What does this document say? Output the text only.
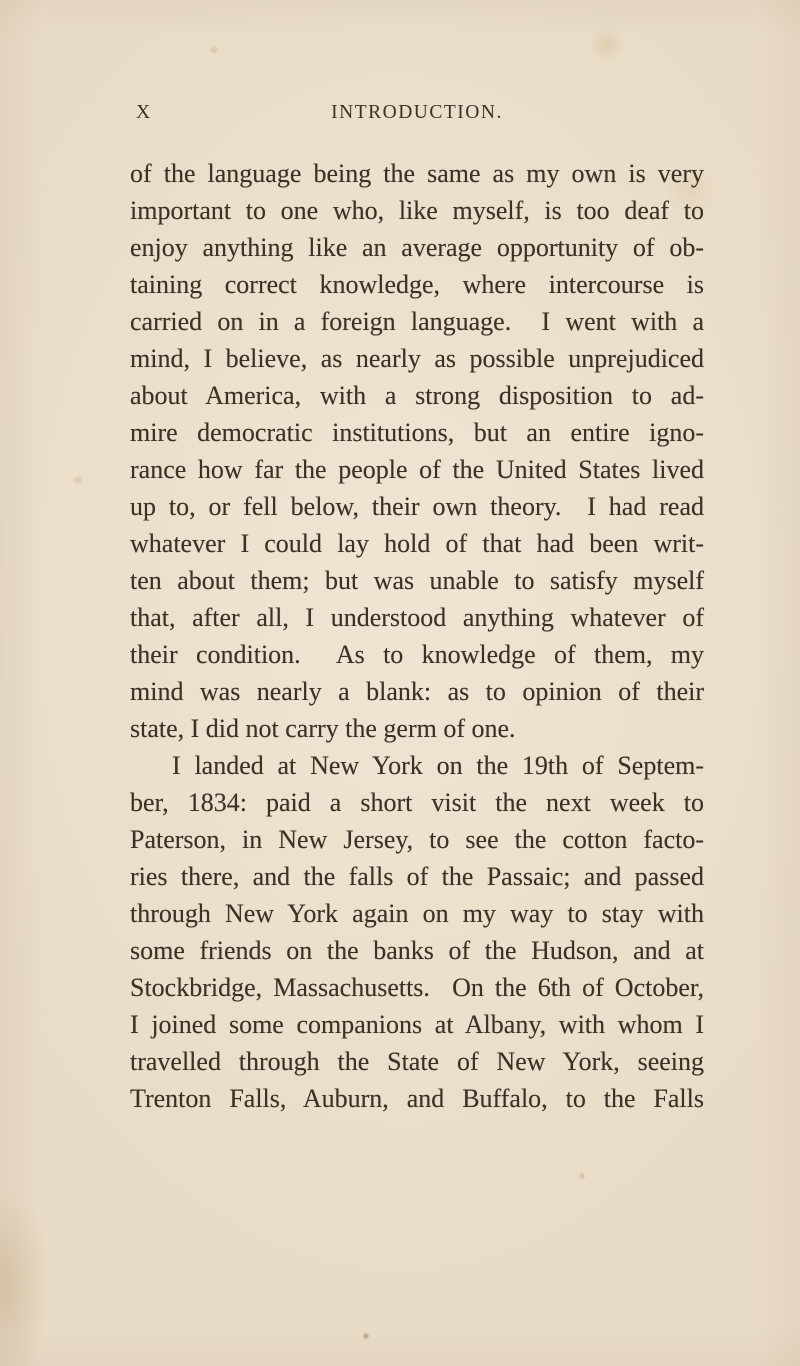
X	INTRODUCTION.
of the language being the same as my own is very
important to one who, like myself, is too deaf to
enjoy anything like an average opportunity of ob-
taining correct knowledge, where intercourse is
carried on in a foreign language.  I went with a
mind, I believe, as nearly as possible unprejudiced
about America, with a strong disposition to ad-
mire democratic institutions, but an entire igno-
rance how far the people of the United States lived
up to, or fell below, their own theory.  I had read
whatever I could lay hold of that had been writ-
ten about them; but was unable to satisfy myself
that, after all, I understood anything whatever of
their condition.  As to knowledge of them, my
mind was nearly a blank: as to opinion of their
state, I did not carry the germ of one.
I landed at New York on the 19th of Septem-
ber, 1834: paid a short visit the next week to
Paterson, in New Jersey, to see the cotton facto-
ries there, and the falls of the Passaic; and passed
through New York again on my way to stay with
some friends on the banks of the Hudson, and at
Stockbridge, Massachusetts.  On the 6th of October,
I joined some companions at Albany, with whom I
travelled through the State of New York, seeing
Trenton Falls, Auburn, and Buffalo, to the Falls
